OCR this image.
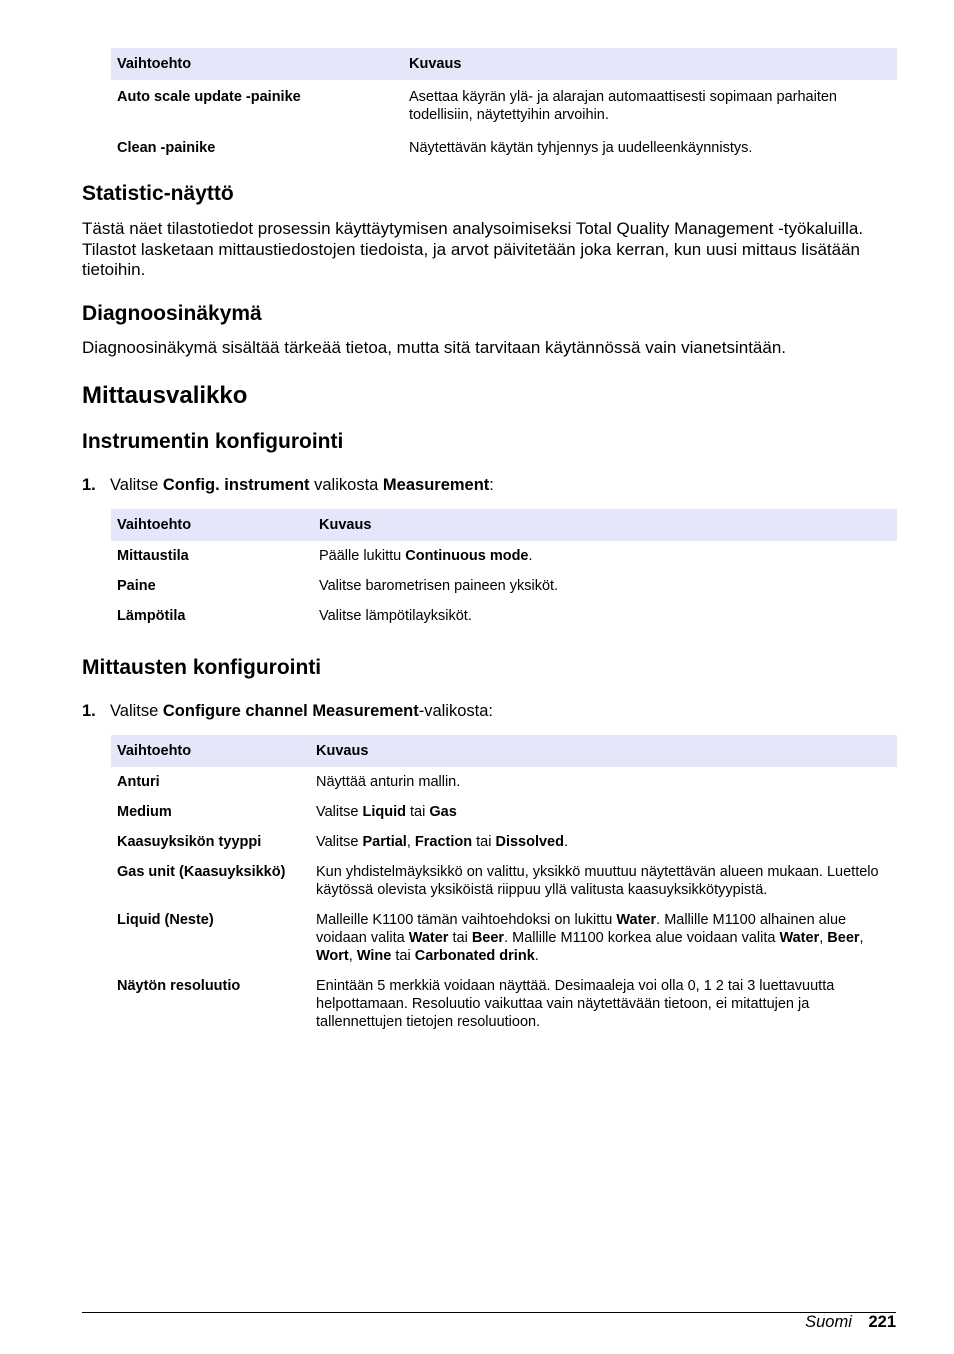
Vaihtoehto	Kuvaus
Auto scale update -painike	Asettaa käyrän ylä- ja alarajan automaattisesti sopimaan parhaiten todellisiin, näytettyihin arvoihin.
Clean -painike	Näytettävän käytän tyhjennys ja uudelleenkäynnistys.
Statistic-näyttö

Tästä näet tilastotiedot prosessin käyttäytymisen analysoimiseksi Total Quality Management -työkaluilla. Tilastot lasketaan mittaustiedostojen tiedoista, ja arvot päivitetään joka kerran, kun uusi mittaus lisätään tietoihin.

Diagnoosinäkymä

Diagnoosinäkymä sisältää tärkeää tietoa, mutta sitä tarvitaan käytännössä vain vianetsintään.

Mittausvalikko
Instrumentin konfigurointi
1. Valitse Config. instrument valikosta Measurement:
Vaihtoehto	Kuvaus
Mittaustila	Päälle lukittu Continuous mode.
Paine	Valitse barometrisen paineen yksiköt.
Lämpötila	Valitse lämpötilayksiköt.
Mittausten konfigurointi
1. Valitse Configure channel Measurement-valikosta:
Vaihtoehto	Kuvaus
Anturi	Näyttää anturin mallin.
Medium	Valitse Liquid tai Gas
Kaasuyksikön tyyppi	Valitse Partial, Fraction tai Dissolved.
Gas unit (Kaasuyksikkö)	Kun yhdistelmäyksikkö on valittu, yksikkö muuttuu näytettävän alueen mukaan. Luettelo käytössä olevista yksiköistä riippuu yllä valitusta kaasuyksikkötyypistä.
Liquid (Neste)	Malleille K1100 tämän vaihtoehdoksi on lukittu Water. Mallille M1100 alhainen alue voidaan valita Water tai Beer. Mallille M1100 korkea alue voidaan valita Water, Beer, Wort, Wine tai Carbonated drink.
Näytön resoluutio	Enintään 5 merkkiä voidaan näyttää. Desimaaleja voi olla 0, 1 2 tai 3 luettavuutta helpottamaan. Resoluutio vaikuttaa vain näytettävään tietoon, ei mitattujen ja tallennettujen tietojen resoluutioon.
Suomi 221
